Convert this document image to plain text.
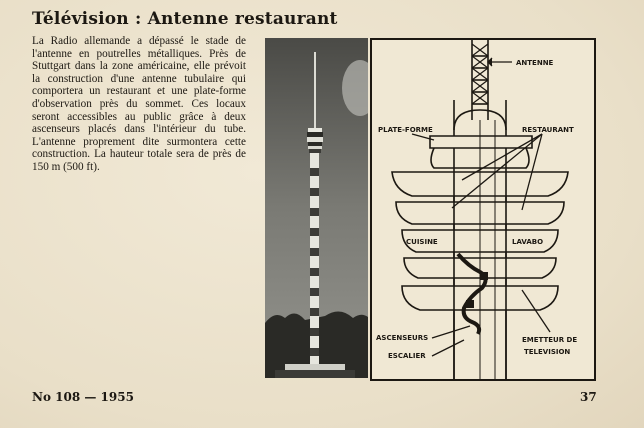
Télévision : Antenne restaurant
La Radio allemande a dépassé le stade de l'antenne en poutrelles métalliques. Près de Stuttgart dans la zone américaine, elle prévoit la construction d'une antenne tubulaire qui comportera un restaurant et une plate-forme d'observation près du sommet. Ces locaux seront accessibles au public grâce à deux ascenseurs placés dans l'intérieur du tube. L'antenne proprement dite surmontera cette construction. La hauteur totale sera de près de 150 m (500 ft).
ANTENNE
PLATE-FORME	RESTAURANT
CUISINE	LAVABO
ASCENSEURS
ESCALIER
EMETTEUR DE
TELEVISION
No 108 — 1955	37
